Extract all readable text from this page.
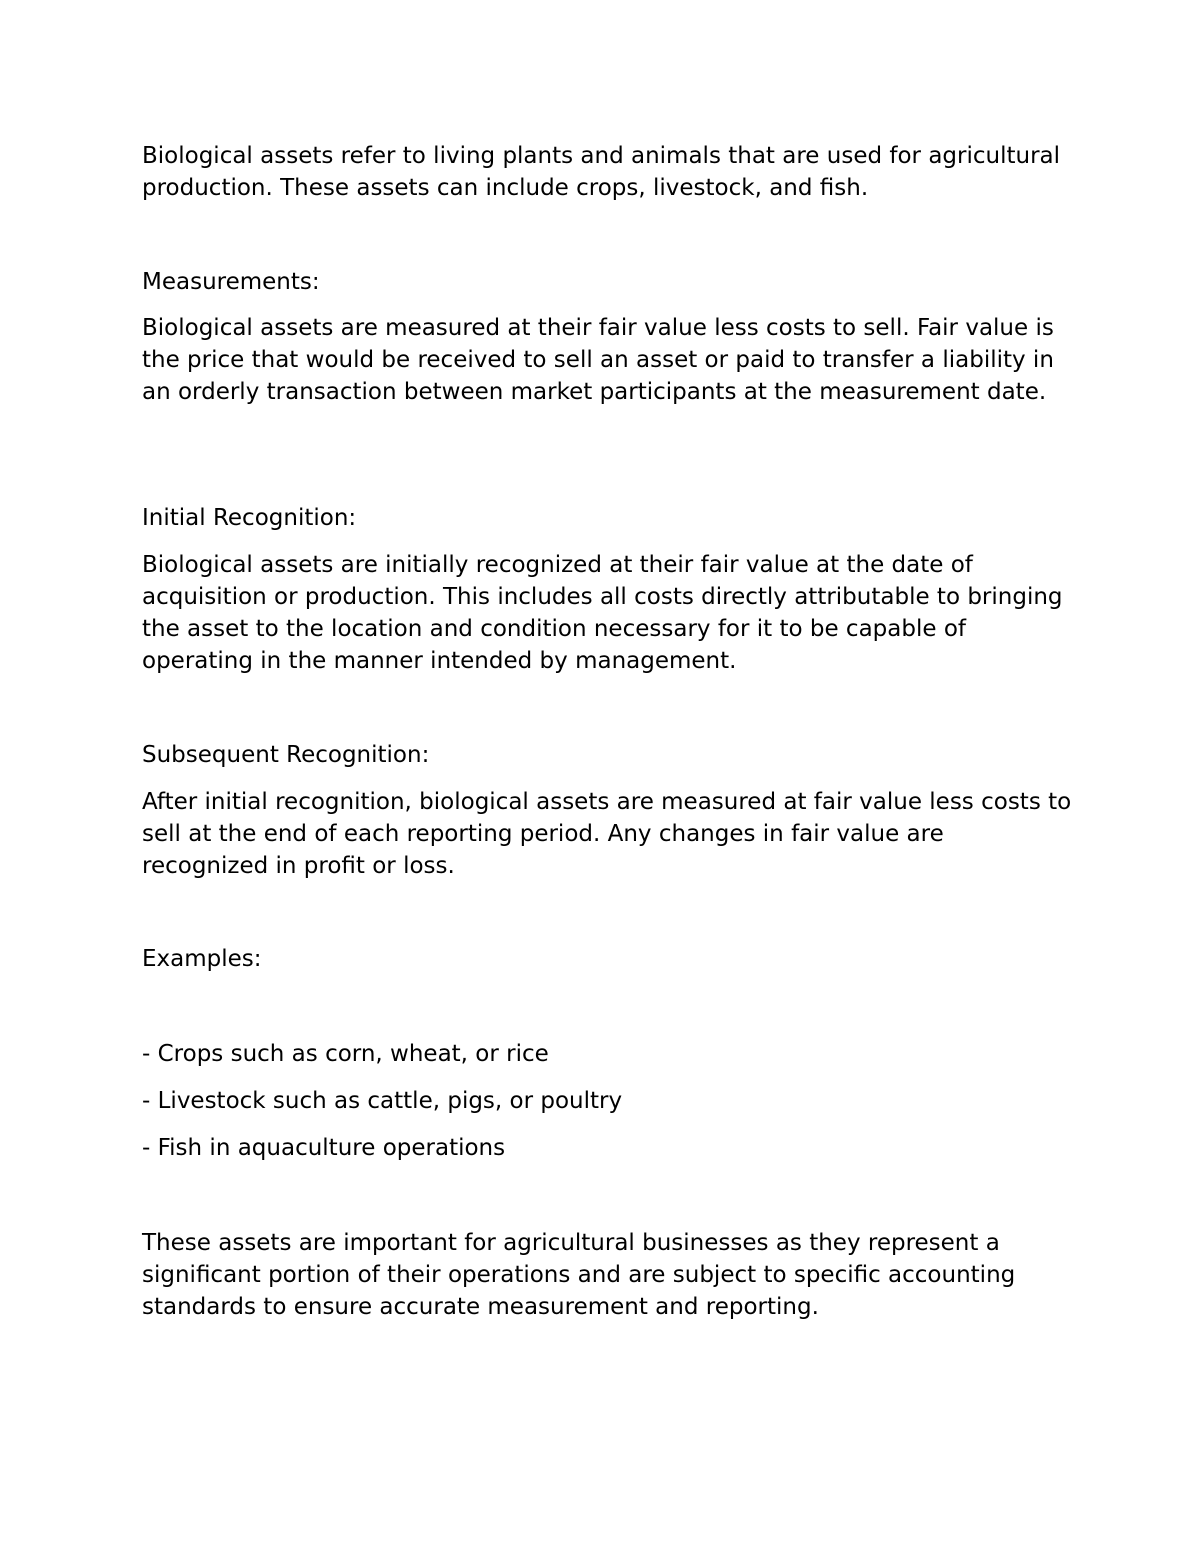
Biological assets refer to living plants and animals that are used for agricultural production. These assets can include crops, livestock, and fish.

Measurements:

Biological assets are measured at their fair value less costs to sell. Fair value is the price that would be received to sell an asset or paid to transfer a liability in an orderly transaction between market participants at the measurement date.

Initial Recognition:

Biological assets are initially recognized at their fair value at the date of acquisition or production. This includes all costs directly attributable to bringing the asset to the location and condition necessary for it to be capable of operating in the manner intended by management.

Subsequent Recognition:

After initial recognition, biological assets are measured at fair value less costs to sell at the end of each reporting period. Any changes in fair value are recognized in profit or loss.

Examples:

- Crops such as corn, wheat, or rice

- Livestock such as cattle, pigs, or poultry

- Fish in aquaculture operations

These assets are important for agricultural businesses as they represent a significant portion of their operations and are subject to specific accounting standards to ensure accurate measurement and reporting.
